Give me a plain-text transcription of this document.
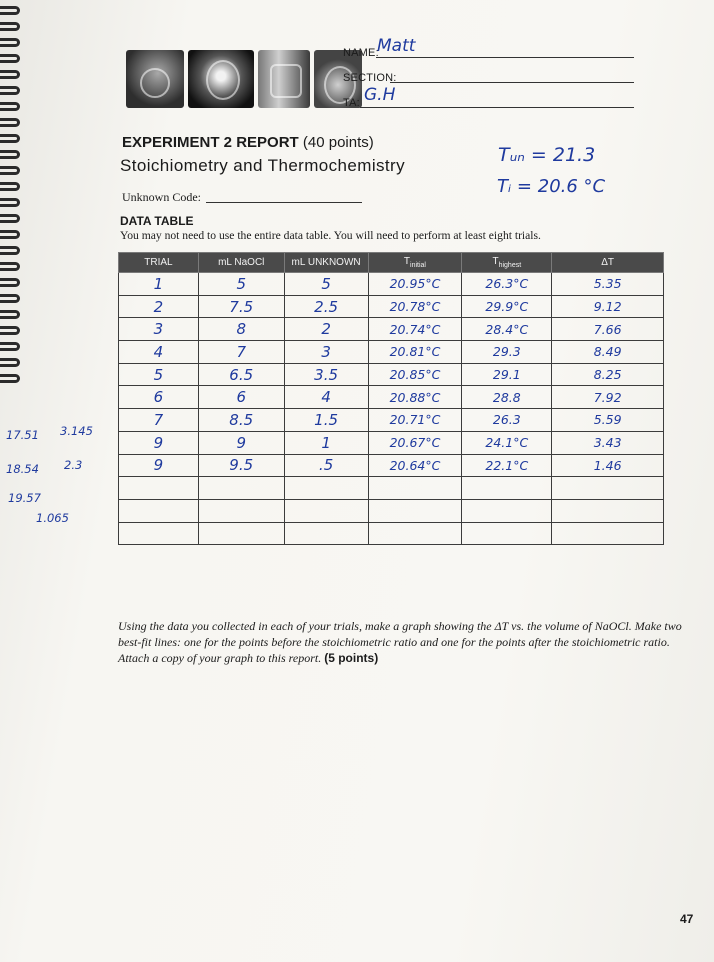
NAME:
Matt
SECTION:
TA: G.H
EXPERIMENT 2 REPORT (40 points)
Stoichiometry and Thermochemistry	Tᵤₙ = 21.3
Tᵢ = 20.6 °C
Unknown Code:
DATA TABLE
You may not need to use the entire data table. You will need to perform at least eight trials.
TRIAL	mL NaOCl	mL UNKNOWN	$T_{initial}$	$T_{highest}$	ΔT
1	5	5	20.95°C	26.3°C	5.35
2	7.5	2.5	20.78°C	29.9°C	9.12
3	8	2	20.74°C	28.4°C	7.66
4	7	3	20.81°C	29.3	8.49
5	6.5	3.5	20.85°C	29.1	8.25
6	6	4	20.88°C	28.8	7.92
7	8.5	1.5	20.71°C	26.3	5.59
9	9	1	20.67°C	24.1°C	3.43
9	9.5	.5	20.64°C	22.1°C	1.46

17.51 3.145
18.54 2.3
19.57
1.065
Using the data you collected in each of your trials, make a graph showing the ΔT vs. the volume of NaOCl. Make two best-fit lines: one for the points before the stoichiometric ratio and one for the points after the stoichiometric ratio. Attach a copy of your graph to this report. (5 points)
47
